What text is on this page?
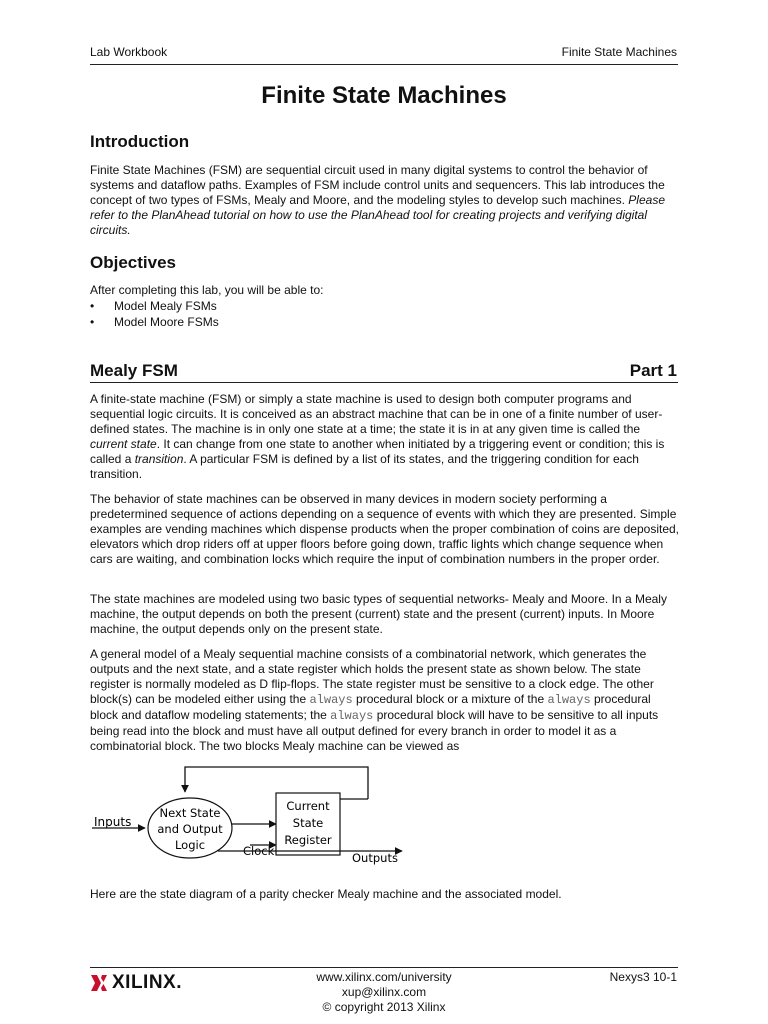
Lab Workbook	Finite State Machines
Finite State Machines
Introduction

Finite State Machines (FSM) are sequential circuit used in many digital systems to control the behavior of systems and dataflow paths. Examples of FSM include control units and sequencers. This lab introduces the concept of two types of FSMs, Mealy and Moore, and the modeling styles to develop such machines. Please refer to the PlanAhead tutorial on how to use the PlanAhead tool for creating projects and verifying digital circuits.

Objectives

After completing this lab, you will be able to:

• Model Mealy FSMs
• Model Moore FSMs
Mealy FSM	Part 1

A finite-state machine (FSM) or simply a state machine is used to design both computer programs and sequential logic circuits. It is conceived as an abstract machine that can be in one of a finite number of user-defined states. The machine is in only one state at a time; the state it is in at any given time is called the current state. It can change from one state to another when initiated by a triggering event or condition; this is called a transition. A particular FSM is defined by a list of its states, and the triggering condition for each transition.

The behavior of state machines can be observed in many devices in modern society performing a predetermined sequence of actions depending on a sequence of events with which they are presented. Simple examples are vending machines which dispense products when the proper combination of coins are deposited, elevators which drop riders off at upper floors before going down, traffic lights which change sequence when cars are waiting, and combination locks which require the input of combination numbers in the proper order.

The state machines are modeled using two basic types of sequential networks- Mealy and Moore. In a Mealy machine, the output depends on both the present (current) state and the present (current) inputs. In Moore machine, the output depends only on the present state.

A general model of a Mealy sequential machine consists of a combinatorial network, which generates the outputs and the next state, and a state register which holds the present state as shown below. The state register is normally modeled as D flip-flops. The state register must be sensitive to a clock edge. The other block(s) can be modeled either using the always procedural block or a mixture of the always procedural block and dataflow modeling statements; the always procedural block will have to be sensitive to all inputs being read into the block and must have all output defined for every branch in order to model it as a combinatorial block. The two blocks Mealy machine can be viewed as

Inputs
Next State
and Output
Logic
Current
State
Register
Clock	Outputs

Here are the state diagram of a parity checker Mealy machine and the associated model.

XILINX.	www.xilinx.com/university
xup@xilinx.com
© copyright 2013 Xilinx
Nexys3 10-1
